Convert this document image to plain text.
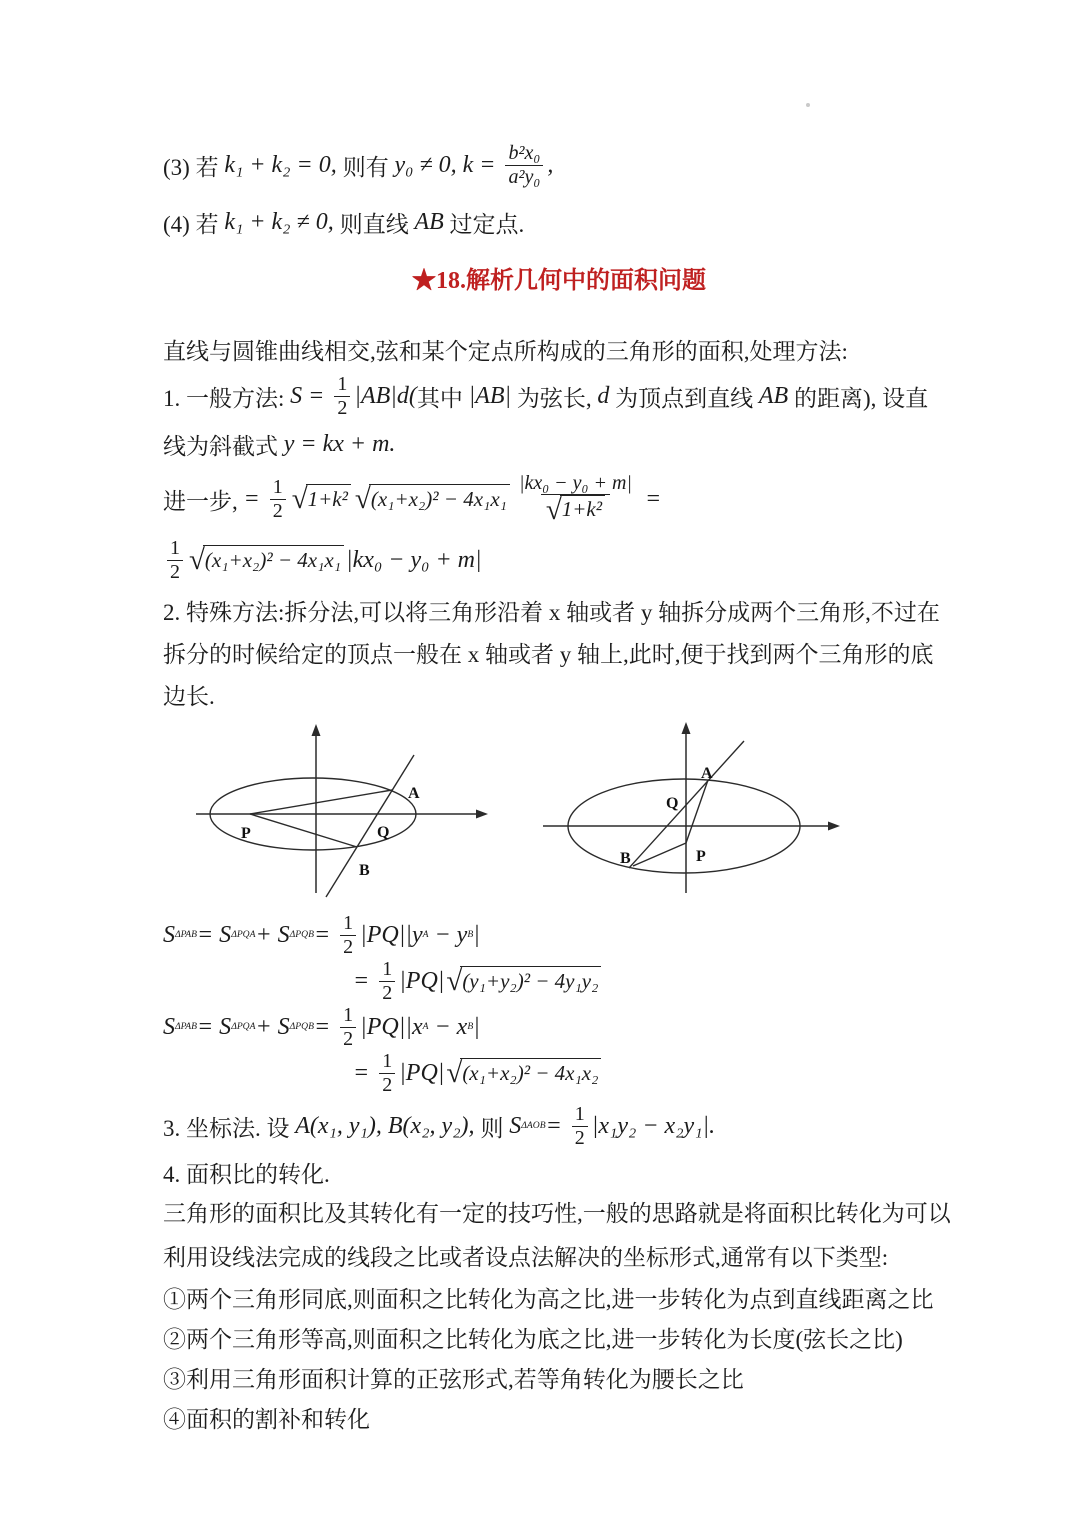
(3) 若 k₁ + k₂ = 0, 则有 y₀ ≠ 0, $k = \frac{\text{b²x₀}}{\text{a²y₀}}$ ,
(4) 若 k₁ + k₂ ≠ 0, 则直线 AB 过定点.
★18.解析几何中的面积问题
直线与圆锥曲线相交,弦和某个定点所构成的三角形的面积,处理方法:
1. 一般方法: $S = \frac{1}{2} |AB|d$( 其中 |AB| 为弦长, d 为顶点到直线 AB 的距离), 设直
线为斜截式 y = kx + m.
进一步, = $\frac{1}{2}$ √ 1+k² √ $(x_1+x_2)^2 - 4x_1x_1 \frac{\text{|kx₀ − y₀ + m|}}{\text{√ 1+k²}}$ =
$\frac{1}{2}$ √ (x₁+x₂)² − 4x₁x₁ |kx₀ − y₀ + m|
2. 特殊方法:拆分法,可以将三角形沿着 x 轴或者 y 轴拆分成两个三角形,不过在
拆分的时候给定的顶点一般在 x 轴或者 y 轴上,此时,便于找到两个三角形的底
边长.
A
B
Q
P
A
B
Q
P
S ΔPAB = S ΔPQA + S $\Delta PQB = \frac{1}{2} |PQ||y$ A − y B |
= $\frac{1}{2} |PQ|$ √ (y₁+y₂)² − 4y₁y₂
S ΔPAB = S ΔPQA + S $\Delta PQB = \frac{1}{2} |PQ||x$ A − x B |
= $\frac{1}{2} |PQ|$ √ (x₁+x₂)² − 4x₁x₂
3. 坐标法. 设 A(x₁, y₁), B(x₂, y₂), 则 S $\Delta AOB = \frac{1}{2} |x_1y_2 - x_2y_1|$.
4. 面积比的转化.
三角形的面积比及其转化有一定的技巧性,一般的思路就是将面积比转化为可以
利用设线法完成的线段之比或者设点法解决的坐标形式,通常有以下类型:
①两个三角形同底,则面积之比转化为高之比,进一步转化为点到直线距离之比
②两个三角形等高,则面积之比转化为底之比,进一步转化为长度(弦长之比)
③利用三角形面积计算的正弦形式,若等角转化为腰长之比
④面积的割补和转化
